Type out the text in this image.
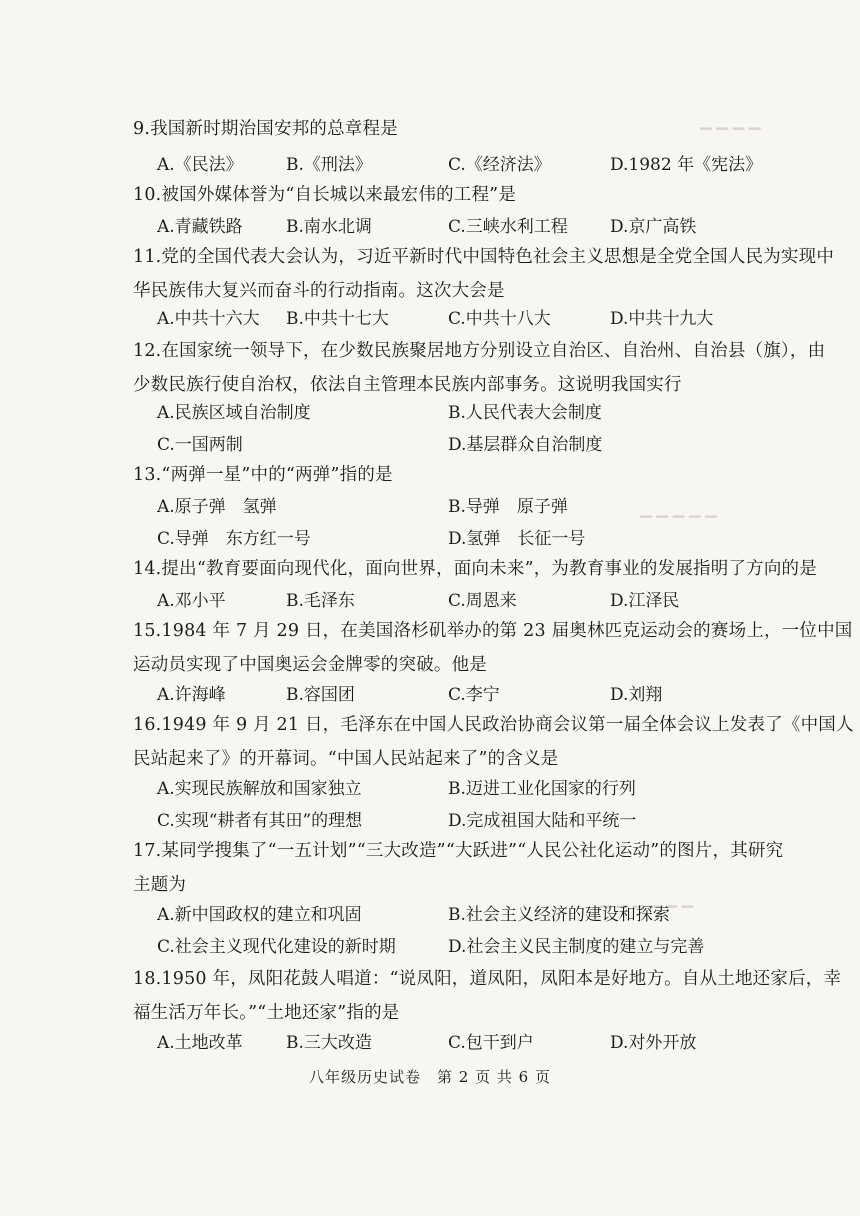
▁ ▁ ▁ ▁
▁ ▁ ▁ ▁ ▁
▁ ▁ ▁ ▁ ▁ ▁
9.我国新时期治国安邦的总章程是
A.《民法》	B.《刑法》	C.《经济法》	D.1982 年《宪法》
10.被国外媒体誉为“自长城以来最宏伟的工程”是
A.青藏铁路	B.南水北调	C.三峡水利工程 D.京广高铁
11.党的全国代表大会认为，习近平新时代中国特色社会主义思想是全党全国人民为实现中
华民族伟大复兴而奋斗的行动指南。这次大会是
A.中共十六大 B.中共十七大	C.中共十八大	D.中共十九大
12.在国家统一领导下，在少数民族聚居地方分别设立自治区、自治州、自治县（旗），由
少数民族行使自治权，依法自主管理本民族内部事务。这说明我国实行
A.民族区域自治制度	B.人民代表大会制度
C.一国两制	D.基层群众自治制度
13.“两弹一星”中的“两弹”指的是
A.原子弹　氢弹	B.导弹　原子弹
C.导弹　东方红一号	D.氢弹　长征一号
14.提出“教育要面向现代化，面向世界，面向未来”，为教育事业的发展指明了方向的是
A.邓小平	B.毛泽东	C.周恩来	D.江泽民
15.1984 年 7 月 29 日，在美国洛杉矶举办的第 23 届奥林匹克运动会的赛场上，一位中国
运动员实现了中国奥运会金牌零的突破。他是
A.许海峰	B.容国团	C.李宁	D.刘翔
16.1949 年 9 月 21 日，毛泽东在中国人民政治协商会议第一届全体会议上发表了《中国人
民站起来了》的开幕词。“中国人民站起来了”的含义是
A.实现民族解放和国家独立	B.迈进工业化国家的行列
C.实现“耕者有其田”的理想	D.完成祖国大陆和平统一
17.某同学搜集了“一五计划”“三大改造”“大跃进”“人民公社化运动”的图片，其研究
主题为
A.新中国政权的建立和巩固	B.社会主义经济的建设和探索
C.社会主义现代化建设的新时期	D.社会主义民主制度的建立与完善
18.1950 年，凤阳花鼓人唱道：“说凤阳，道凤阳，凤阳本是好地方。自从土地还家后，幸
福生活万年长。”“土地还家”指的是
A.土地改革	B.三大改造	C.包干到户	D.对外开放
八年级历史试卷　第 2 页 共 6 页
